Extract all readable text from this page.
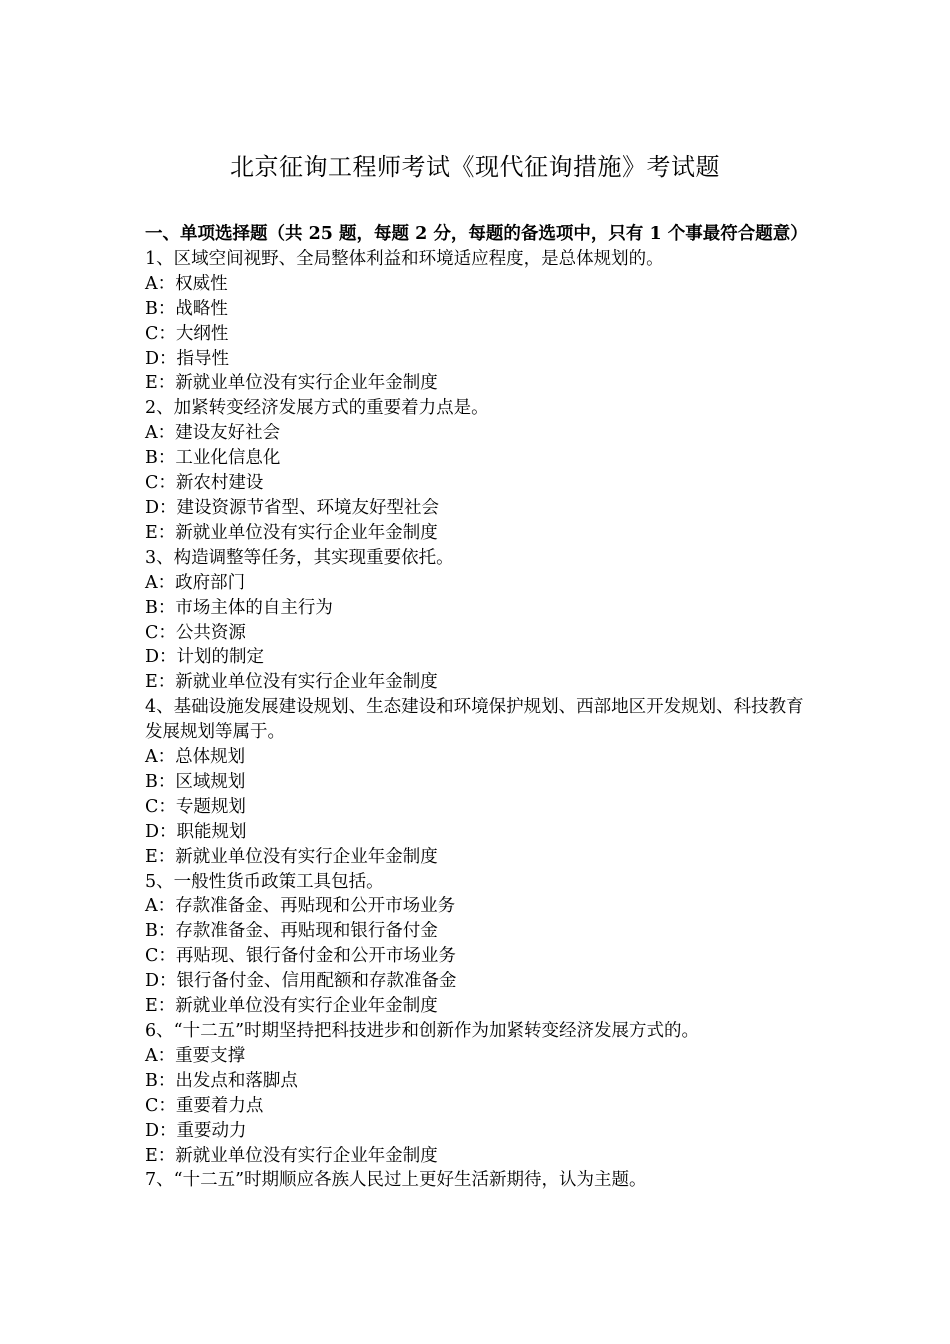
北京征询工程师考试《现代征询措施》考试题
一、单项选择题（共 25 题，每题 2 分，每题的备选项中，只有 1 个事最符合题意）
1、区域空间视野、全局整体利益和环境适应程度，是总体规划的。
A：权威性
B：战略性
C：大纲性
D：指导性
E：新就业单位没有实行企业年金制度
2、加紧转变经济发展方式的重要着力点是。
A：建设友好社会
B：工业化信息化
C：新农村建设
D：建设资源节省型、环境友好型社会
E：新就业单位没有实行企业年金制度
3、构造调整等任务，其实现重要依托。
A：政府部门
B：市场主体的自主行为
C：公共资源
D：计划的制定
E：新就业单位没有实行企业年金制度
4、基础设施发展建设规划、生态建设和环境保护规划、西部地区开发规划、科技教育发展规划等属于。
A：总体规划
B：区域规划
C：专题规划
D：职能规划
E：新就业单位没有实行企业年金制度
5、一般性货币政策工具包括。
A：存款准备金、再贴现和公开市场业务
B：存款准备金、再贴现和银行备付金
C：再贴现、银行备付金和公开市场业务
D：银行备付金、信用配额和存款准备金
E：新就业单位没有实行企业年金制度
6、“十二五”时期坚持把科技进步和创新作为加紧转变经济发展方式的。
A：重要支撑
B：出发点和落脚点
C：重要着力点
D：重要动力
E：新就业单位没有实行企业年金制度
7、“十二五”时期顺应各族人民过上更好生活新期待，认为主题。
